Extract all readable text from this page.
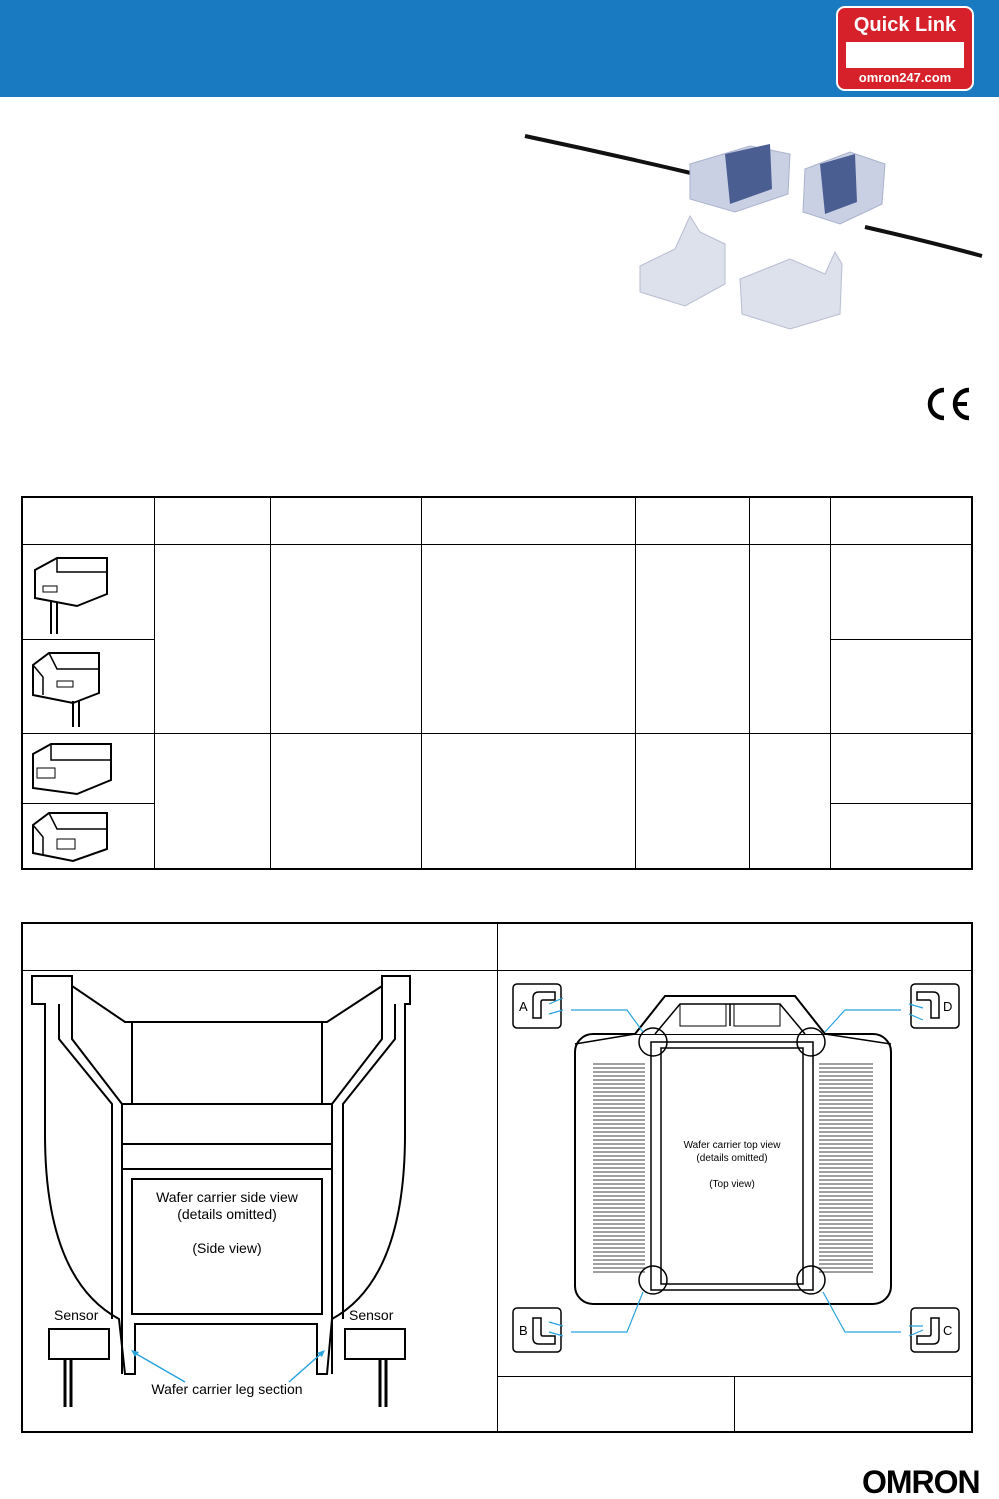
Quick Link
omron247.com
Wafer carrier side view
(details omitted)
(Side view)
Sensor	Sensor
Wafer carrier leg section
Wafer carrier top view
(details omitted)
(Top view)
A	D
B	C
OMRON
